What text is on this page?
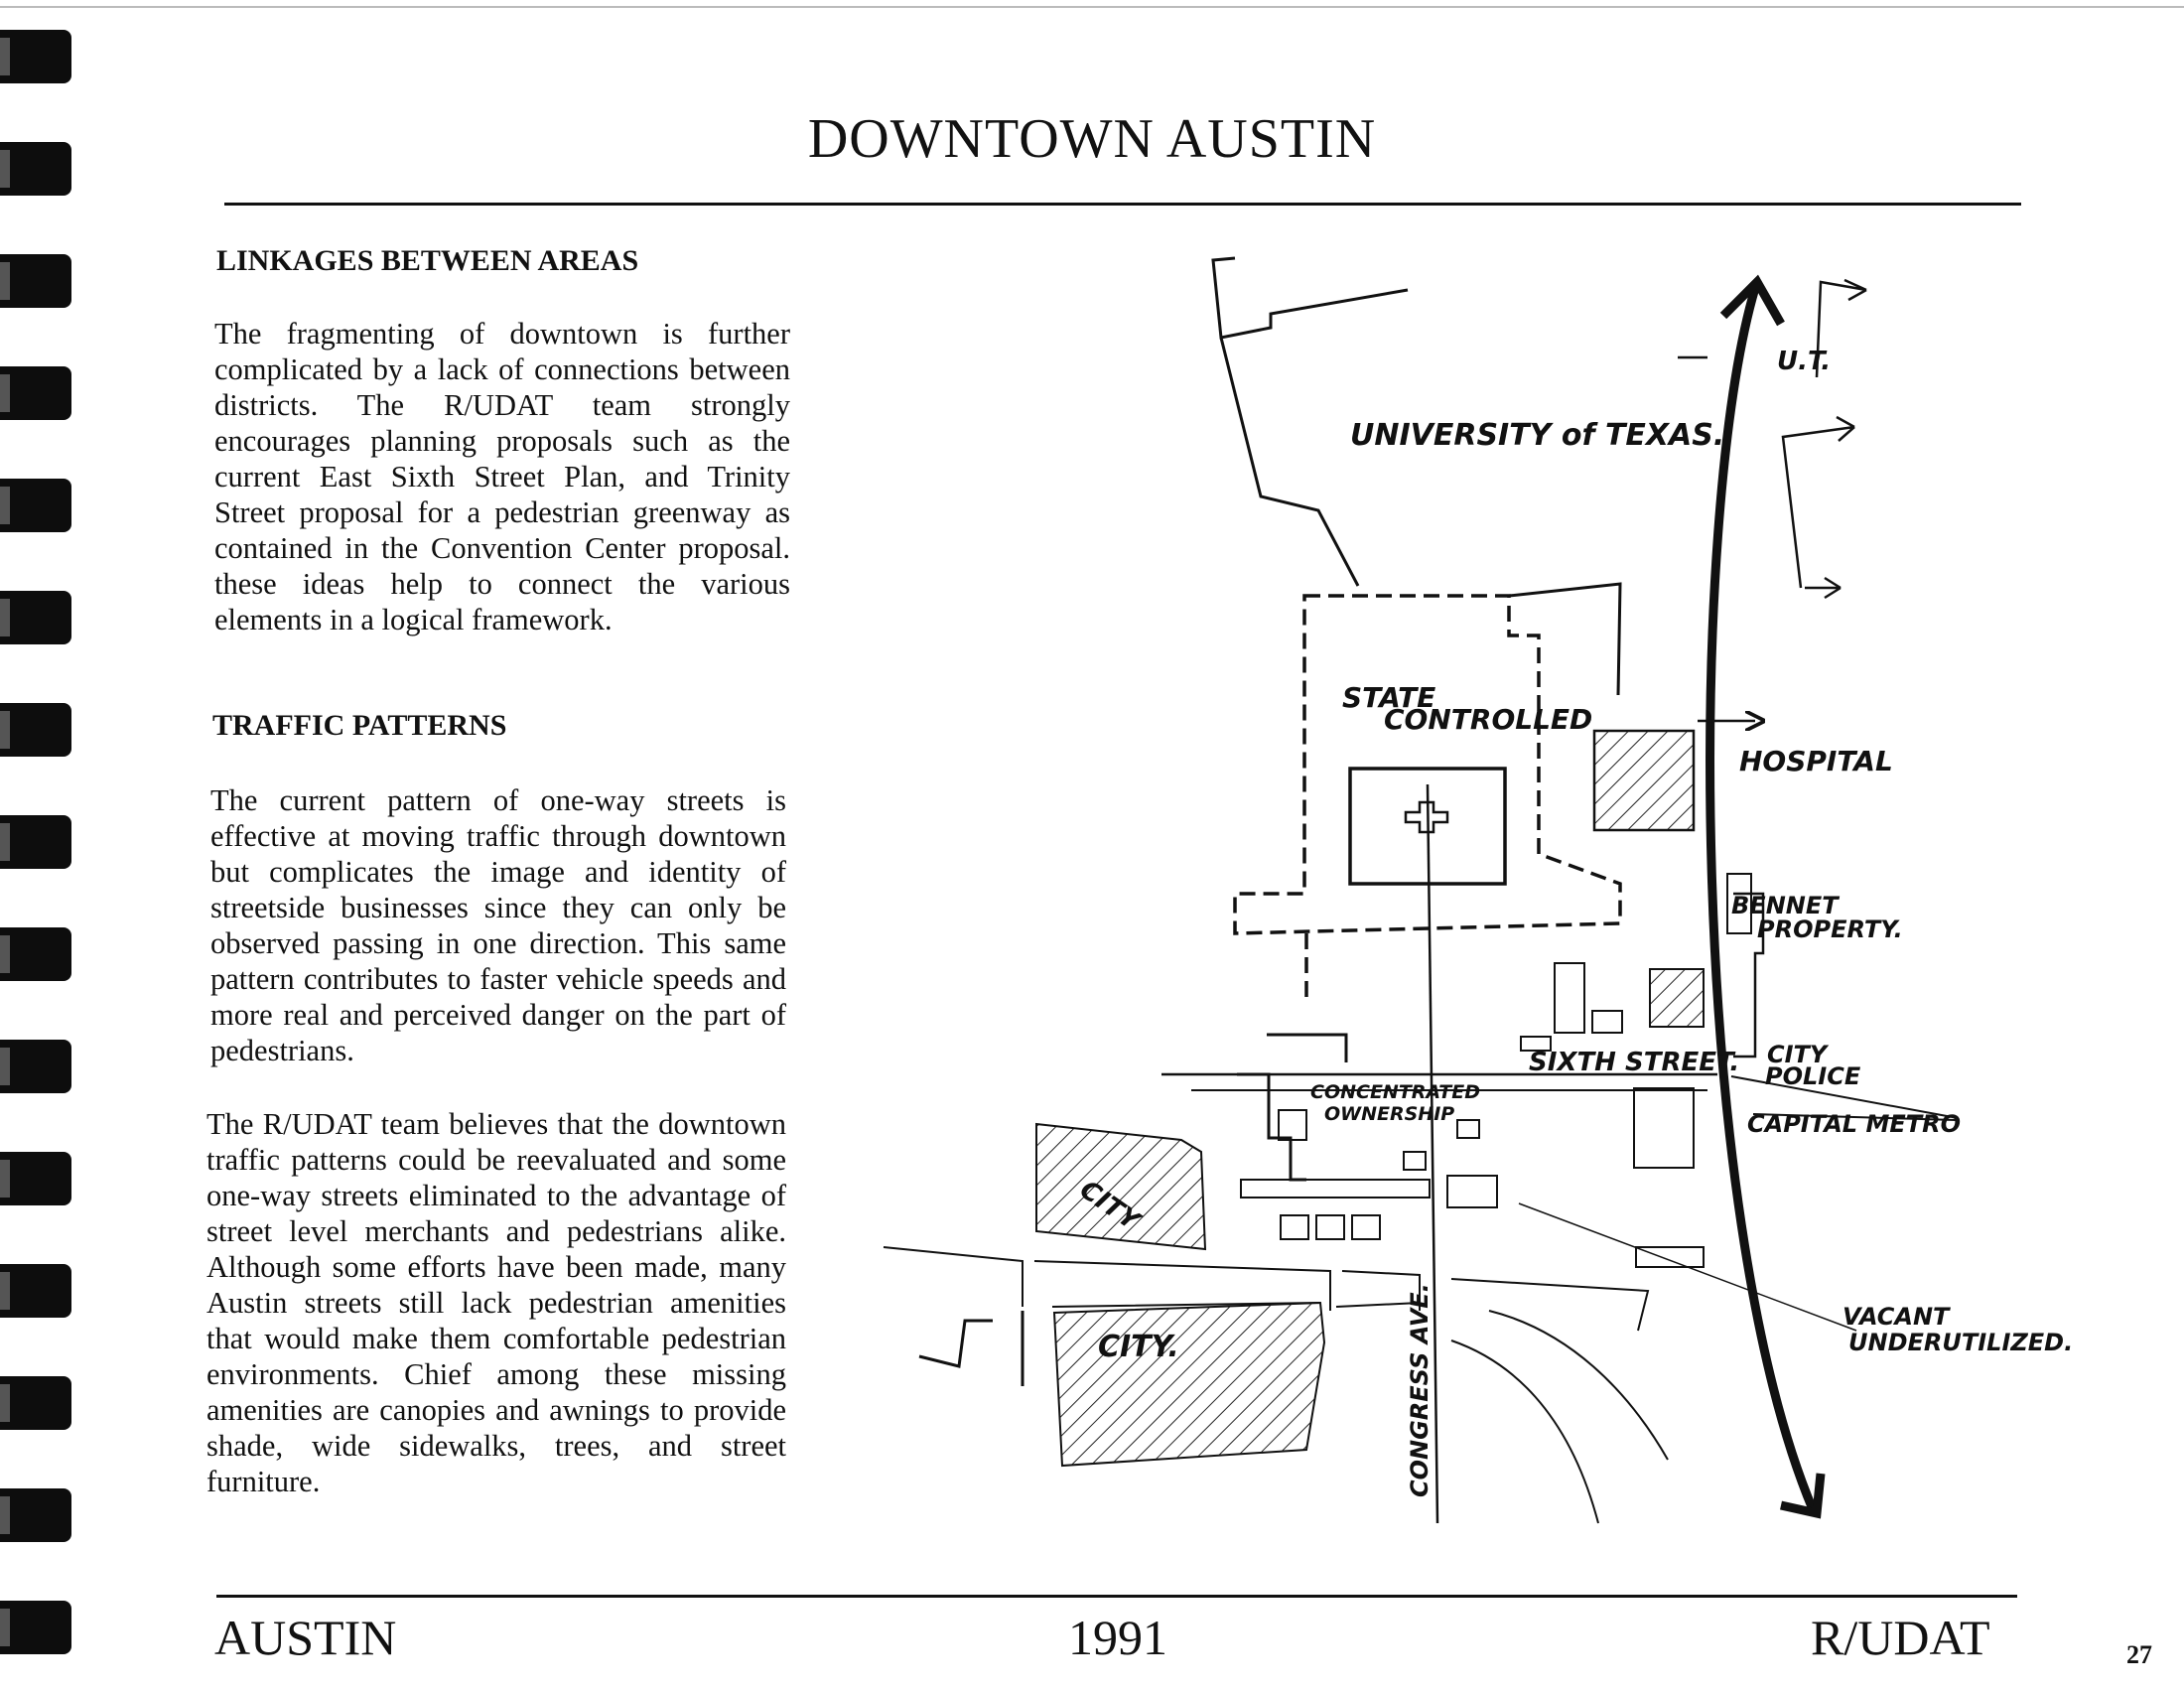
DOWNTOWN AUSTIN
LINKAGES BETWEEN AREAS
The fragmenting of downtown is further complicated by a lack of connections between districts. The R/UDAT team strongly encourages planning proposals such as the current East Sixth Street Plan, and Trinity Street proposal for a pedestrian greenway as contained in the Convention Center proposal. these ideas help to connect the various elements in a logical framework.
TRAFFIC PATTERNS
The current pattern of one-way streets is effective at moving traffic through downtown but complicates the image and identity of streetside businesses since they can only be observed passing in one direction. This same pattern contributes to faster vehicle speeds and more real and perceived danger on the part of pedestrians.
The R/UDAT team believes that the downtown traffic patterns could be reevaluated and some one-way streets eliminated to the advantage of street level merchants and pedestrians alike. Although some efforts have been made, many Austin streets still lack pedestrian amenities that would make them comfortable pedestrian environments. Chief among these missing amenities are canopies and awnings to provide shade, wide sidewalks, trees, and street furniture.
U.T.
UNIVERSITY of TEXAS.
STATE
CONTROLLED
HOSPITAL
BENNET
PROPERTY.
SIXTH STREET. CITY
POLICE
CAPITAL METRO
CONCENTRATED
OWNERSHIP
CITY
CITY.	CONGRESS AVE.	VACANT
UNDERUTILIZED.
AUSTIN	1991	R/UDAT	27
